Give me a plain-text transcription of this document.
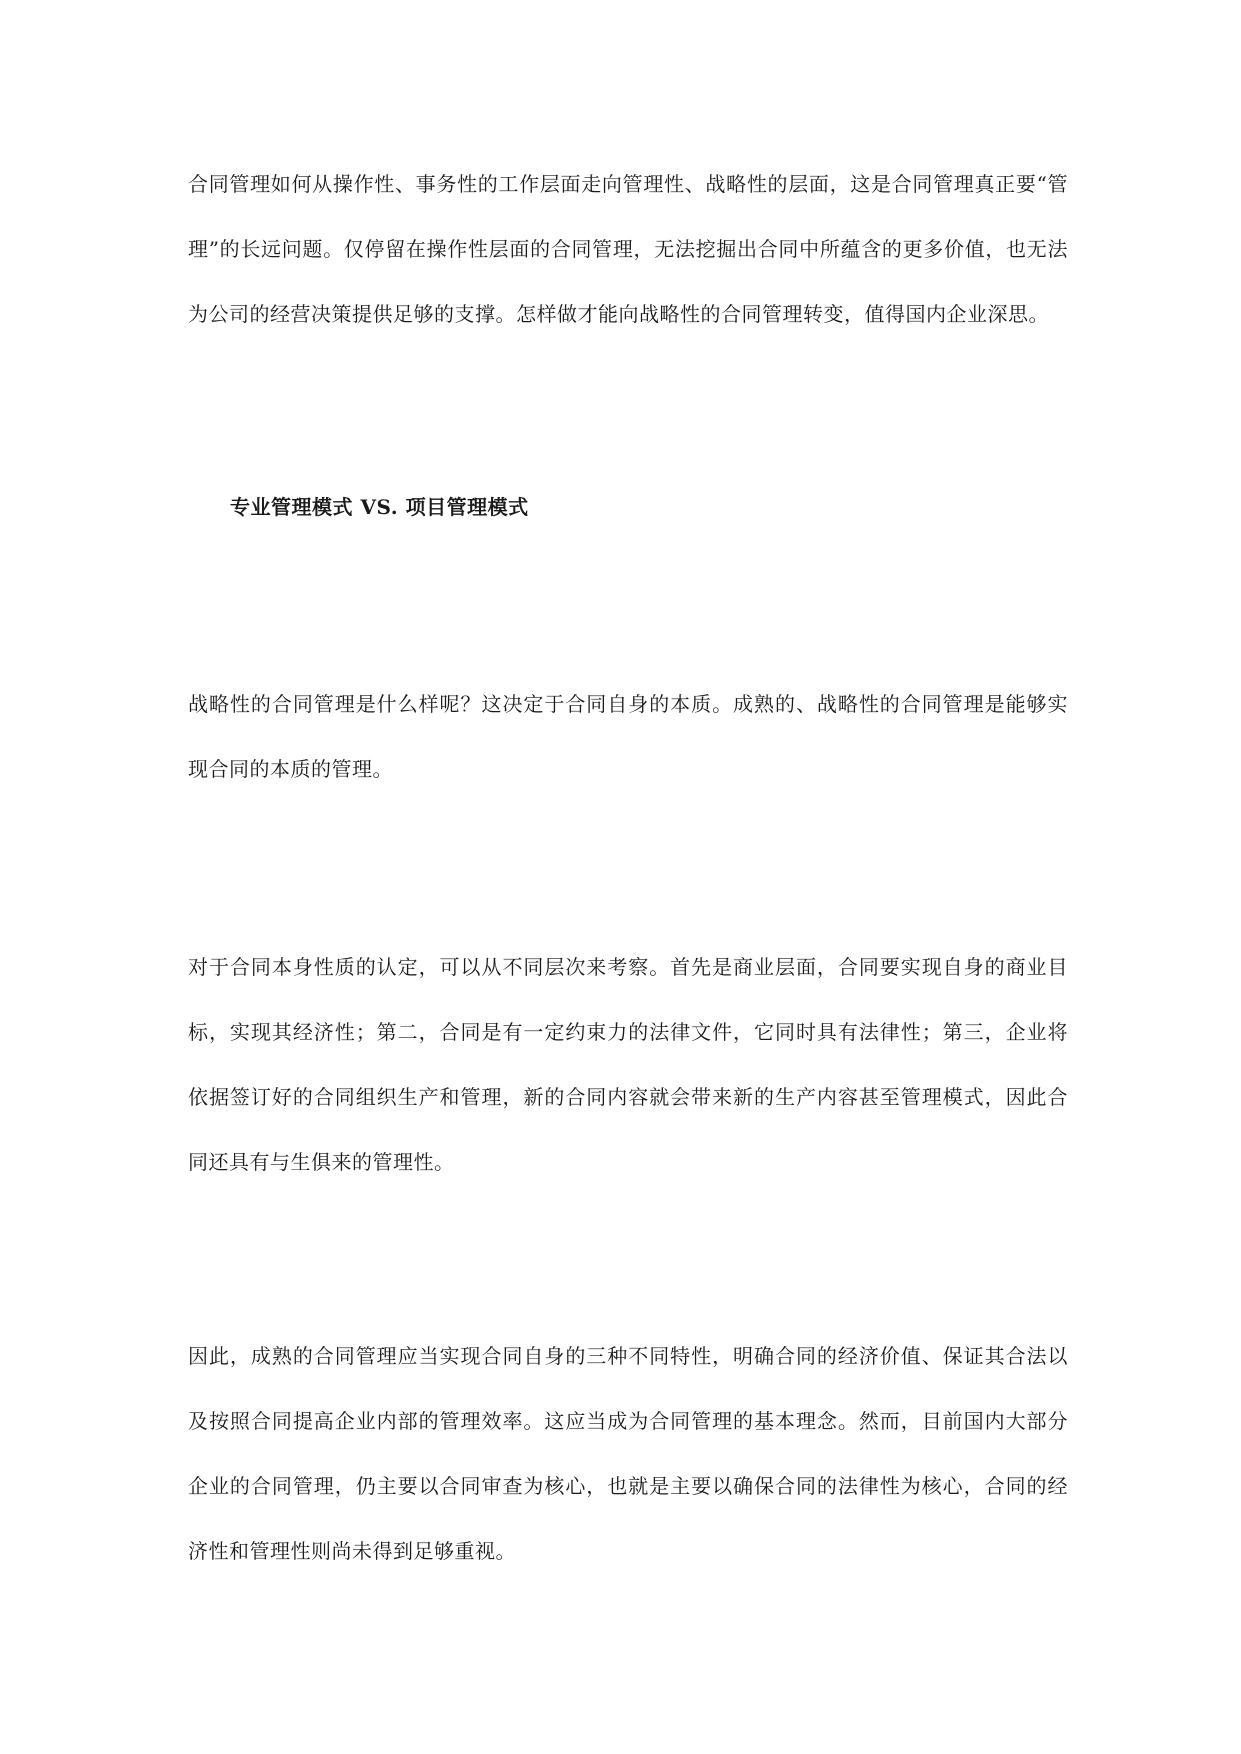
合同管理如何从操作性、事务性的工作层面走向管理性、战略性的层面，这是合同管理真正要“管理”的长远问题。仅停留在操作性层面的合同管理，无法挖掘出合同中所蕴含的更多价值，也无法为公司的经营决策提供足够的支撑。怎样做才能向战略性的合同管理转变，值得国内企业深思。

专业管理模式 VS. 项目管理模式

战略性的合同管理是什么样呢？这决定于合同自身的本质。成熟的、战略性的合同管理是能够实现合同的本质的管理。

对于合同本身性质的认定，可以从不同层次来考察。首先是商业层面，合同要实现自身的商业目标，实现其经济性；第二，合同是有一定约束力的法律文件，它同时具有法律性；第三，企业将依据签订好的合同组织生产和管理，新的合同内容就会带来新的生产内容甚至管理模式，因此合同还具有与生俱来的管理性。

因此，成熟的合同管理应当实现合同自身的三种不同特性，明确合同的经济价值、保证其合法以及按照合同提高企业内部的管理效率。这应当成为合同管理的基本理念。然而，目前国内大部分企业的合同管理，仍主要以合同审查为核心，也就是主要以确保合同的法律性为核心，合同的经济性和管理性则尚未得到足够重视。
